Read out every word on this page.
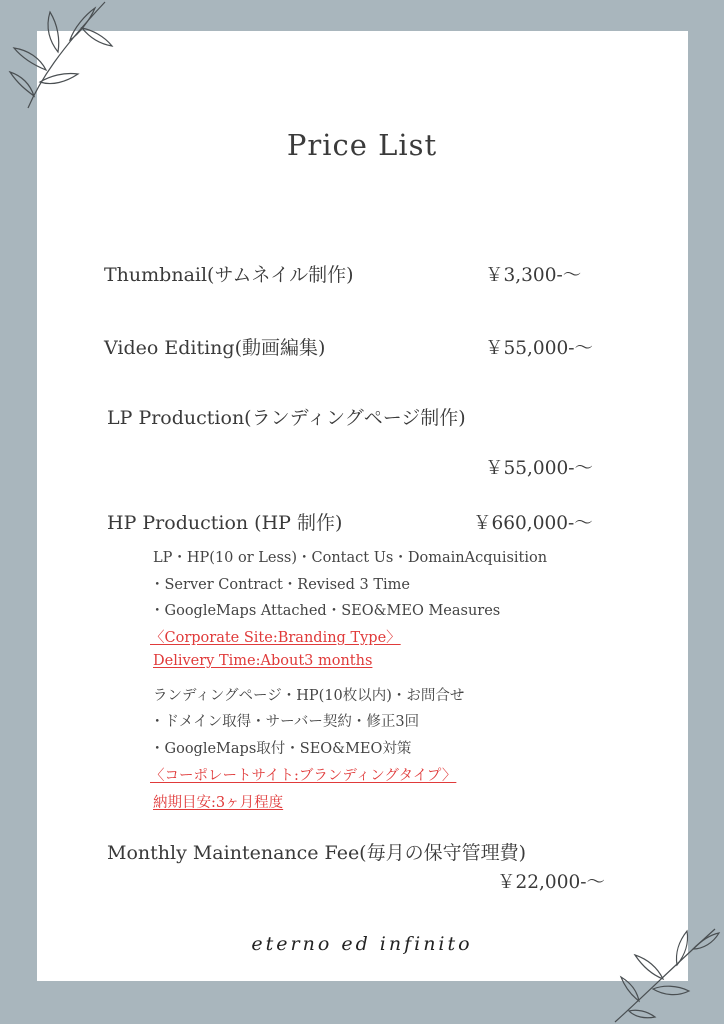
Price List
Thumbnail(サムネイル制作)	￥3,300-〜
Video Editing(動画編集)	￥55,000-〜
LP Production(ランディングページ制作)
￥55,000-〜
HP Production (HP 制作)	￥660,000-〜
LP・HP(10 or Less)・Contact Us・DomainAcquisition
・Server Contract・Revised 3 Time
・GoogleMaps Attached・SEO&MEO Measures
〈Corporate Site:Branding Type〉
Delivery Time:About3 months
ランディングページ・HP(10枚以内)・お問合せ
・ドメイン取得・サーバー契約・修正3回
・GoogleMaps取付・SEO&MEO対策
〈コーポレートサイト:ブランディングタイプ〉
納期目安:3ヶ月程度
Monthly Maintenance Fee(毎月の保守管理費)
￥22,000-〜
eterno ed infinito
